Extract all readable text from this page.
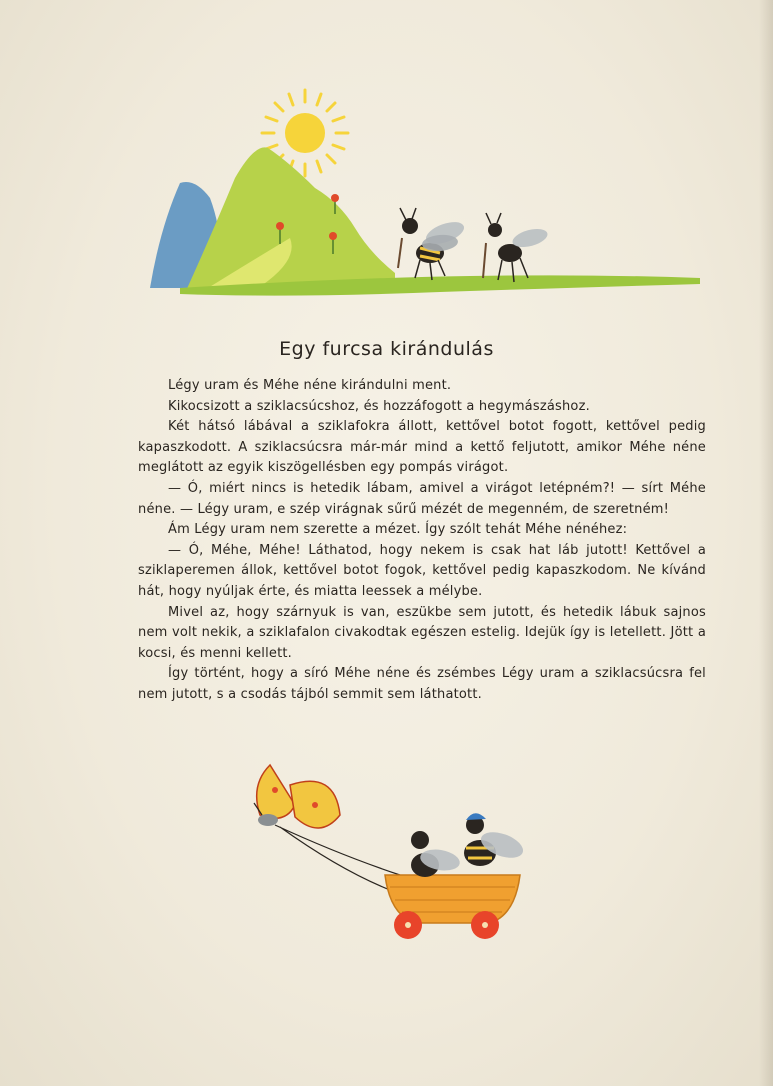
Egy furcsa kirándulás

Légy uram és Méhe néne kirándulni ment.

Kikocsizott a sziklacsúcshoz, és hozzáfogott a hegymászáshoz.

Két hátsó lábával a sziklafokra állott, kettővel botot fogott, kettővel pedig kapaszkodott. A sziklacsúcsra már-már mind a kettő feljutott, amikor Méhe néne meglátott az egyik kiszögellésben egy pompás virágot.

— Ó, miért nincs is hetedik lábam, amivel a virágot letépném?! — sírt Méhe néne. — Légy uram, e szép virágnak sűrű mézét de megenném, de szeretném!

Ám Légy uram nem szerette a mézet. Így szólt tehát Méhe nénéhez:

— Ó, Méhe, Méhe! Láthatod, hogy nekem is csak hat láb jutott! Kettővel a sziklaperemen állok, kettővel botot fogok, kettővel pedig kapaszkodom. Ne kívánd hát, hogy nyúljak érte, és miatta leessek a mélybe.

Mivel az, hogy szárnyuk is van, eszükbe sem jutott, és hetedik lábuk sajnos nem volt nekik, a sziklafalon civakodtak egészen estelig. Idejük így is letellett. Jött a kocsi, és menni kellett.

Így történt, hogy a síró Méhe néne és zsémbes Légy uram a sziklacsúcsra fel nem jutott, s a csodás tájból semmit sem láthatott.
